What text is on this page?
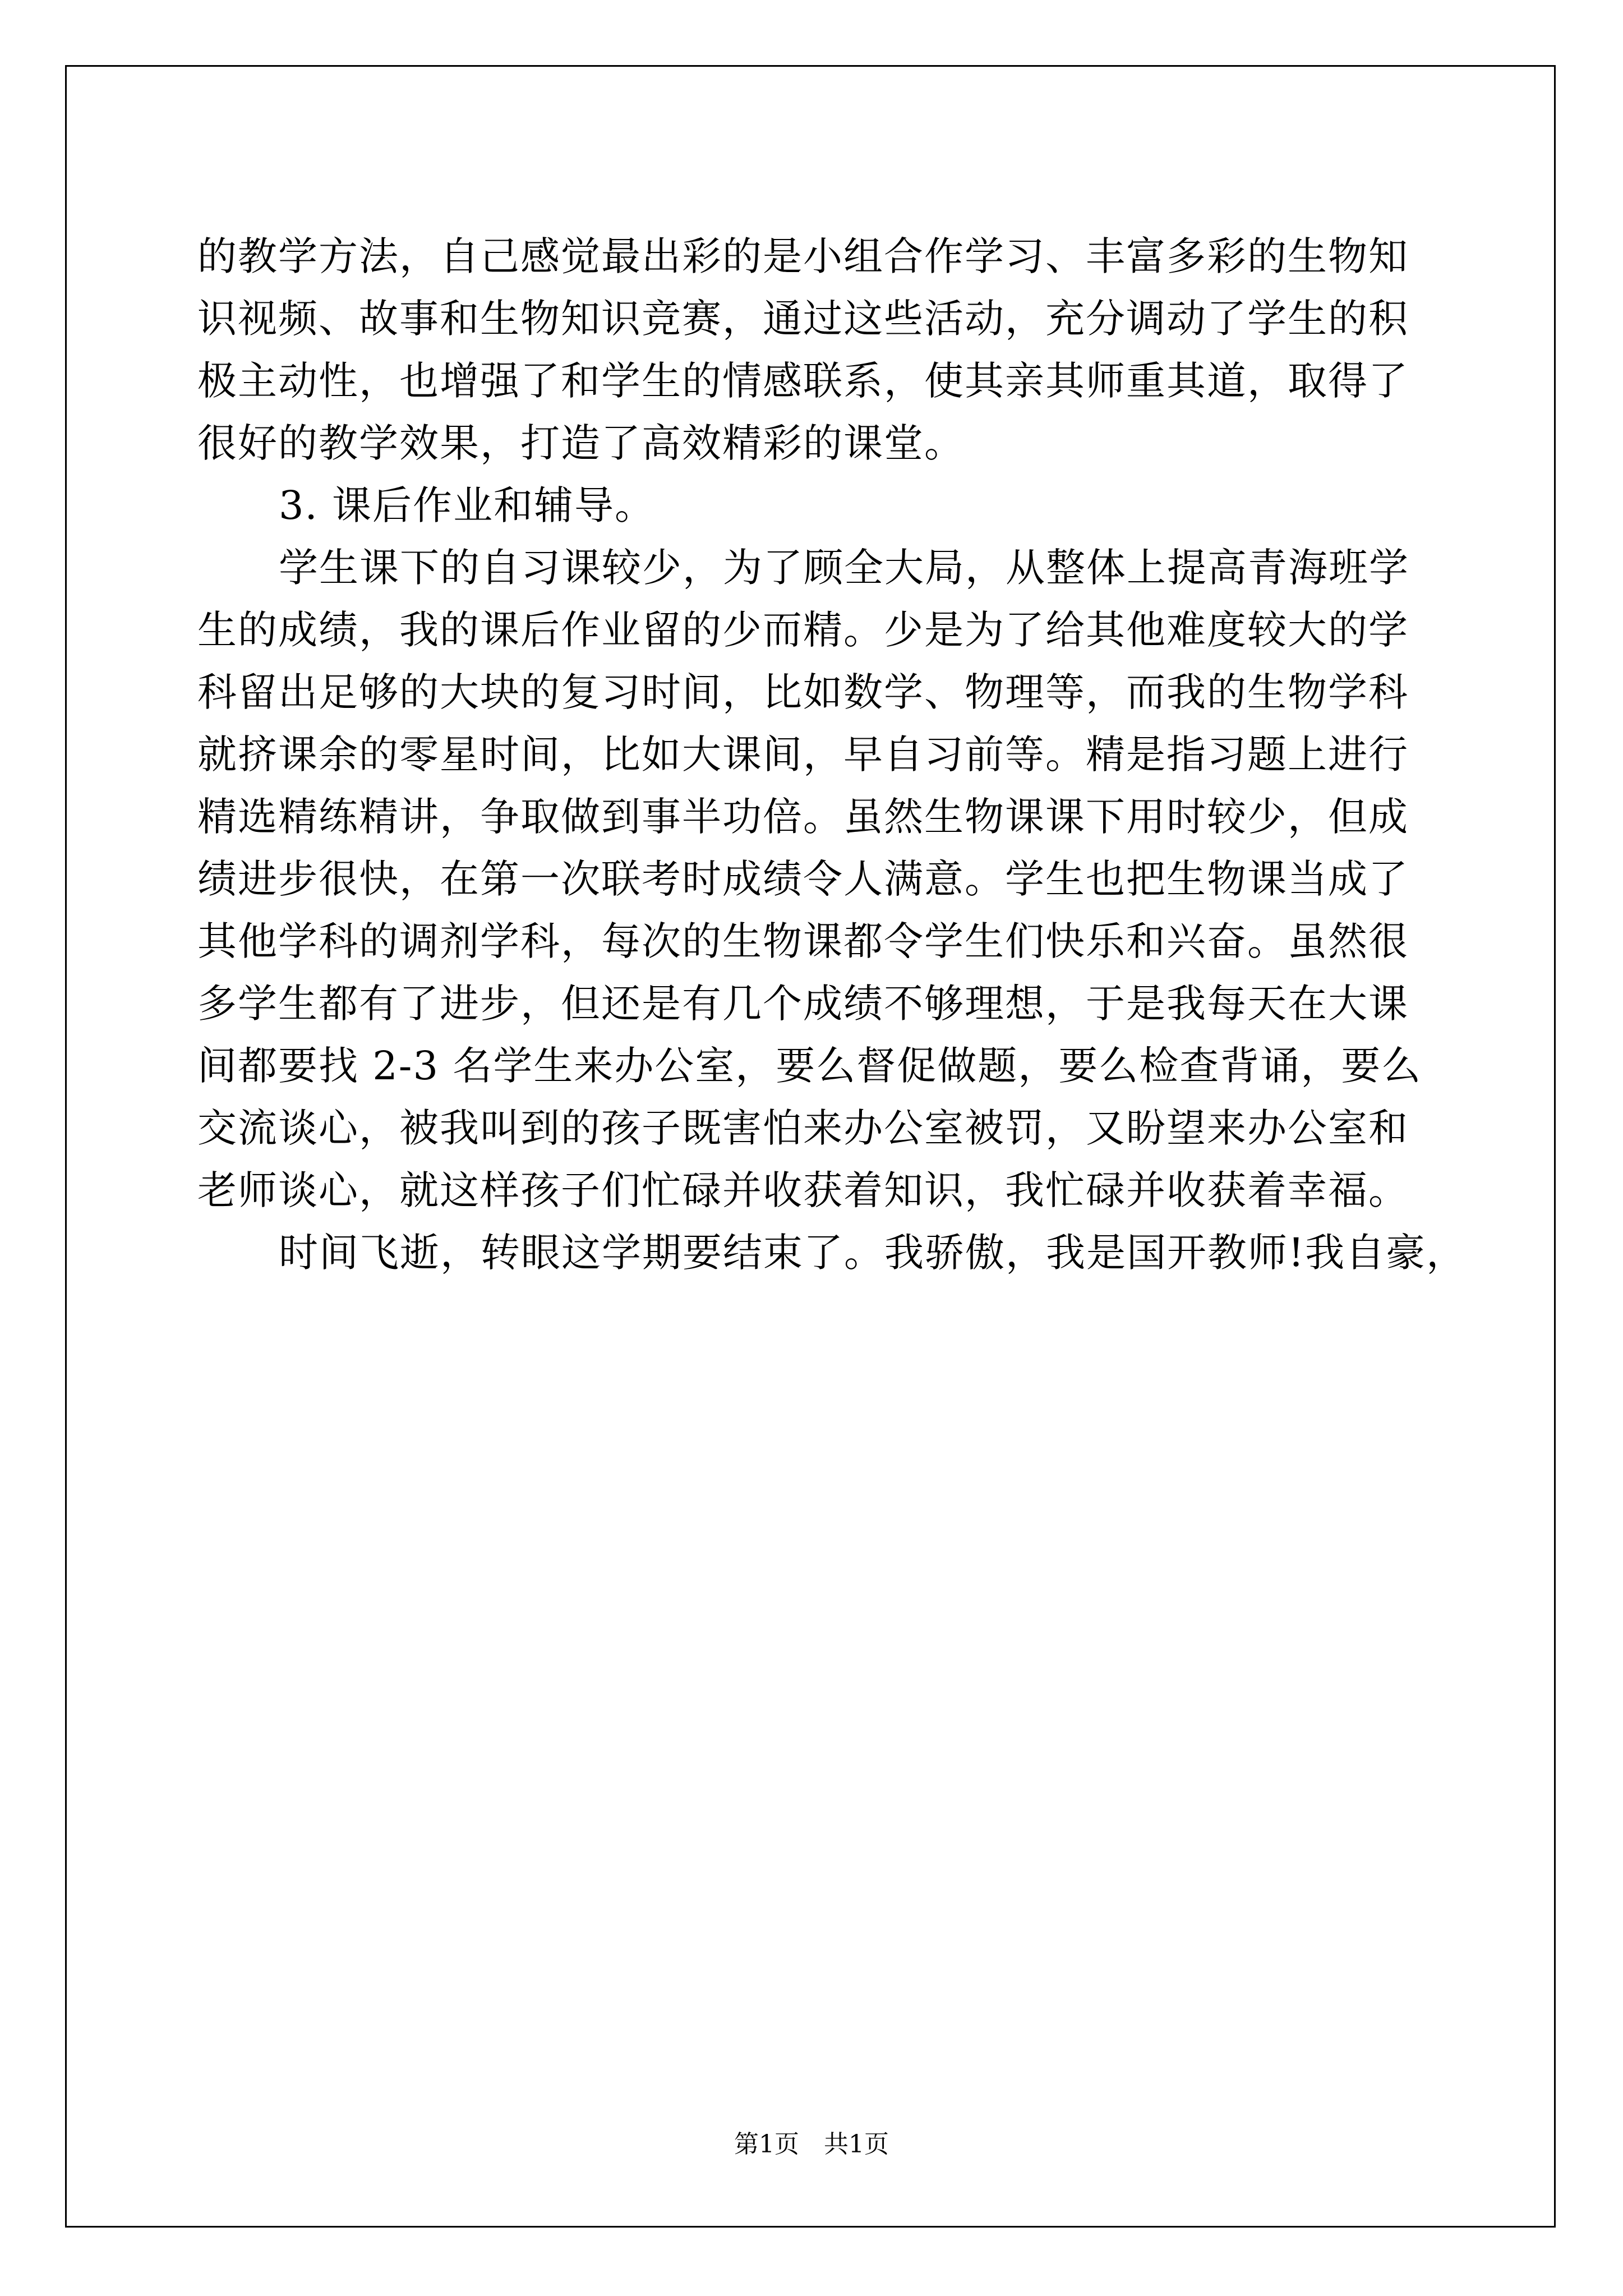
的教学方法，自己感觉最出彩的是小组合作学习、丰富多彩的生物知
识视频、故事和生物知识竞赛，通过这些活动，充分调动了学生的积
极主动性，也增强了和学生的情感联系，使其亲其师重其道，取得了
很好的教学效果，打造了高效精彩的课堂。
3. 课后作业和辅导。
学生课下的自习课较少，为了顾全大局，从整体上提高青海班学
生的成绩，我的课后作业留的少而精。少是为了给其他难度较大的学
科留出足够的大块的复习时间，比如数学、物理等，而我的生物学科
就挤课余的零星时间，比如大课间，早自习前等。精是指习题上进行
精选精练精讲，争取做到事半功倍。虽然生物课课下用时较少，但成
绩进步很快，在第一次联考时成绩令人满意。学生也把生物课当成了
其他学科的调剂学科，每次的生物课都令学生们快乐和兴奋。虽然很
多学生都有了进步，但还是有几个成绩不够理想，于是我每天在大课
间都要找 2-3 名学生来办公室，要么督促做题，要么检查背诵，要么
交流谈心，被我叫到的孩子既害怕来办公室被罚，又盼望来办公室和
老师谈心，就这样孩子们忙碌并收获着知识，我忙碌并收获着幸福。
时间飞逝，转眼这学期要结束了。我骄傲，我是国开教师!我自豪，
第1页　共1页
